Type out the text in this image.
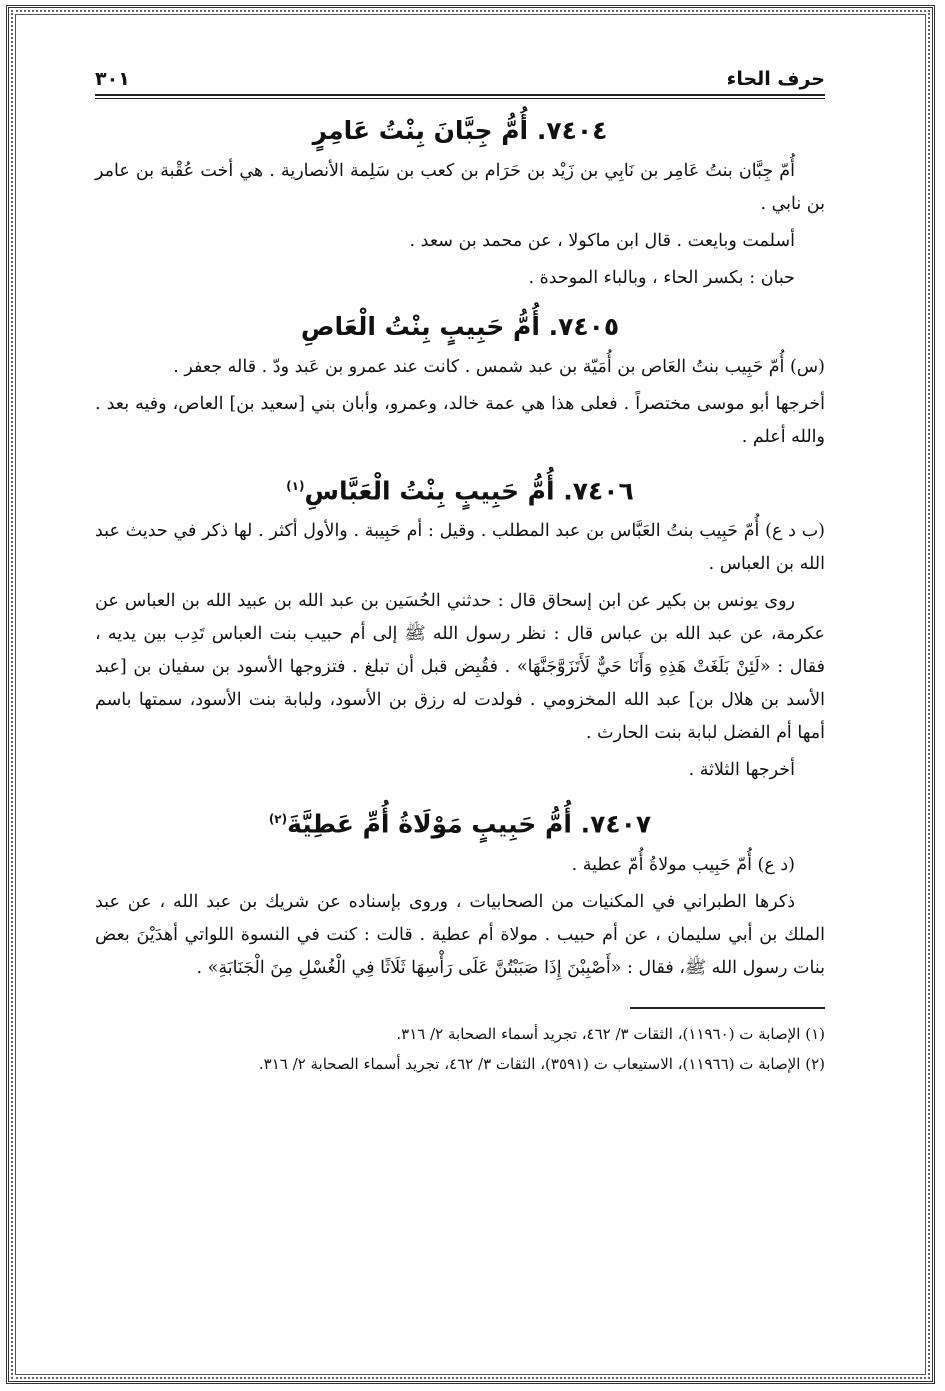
حرف الحاء
٣٠١
٧٤٠٤. أُمُّ جِبَّانَ بِنْتُ عَامِرٍ

أُمّ جِبَّان بنتُ عَامِر بن نَابِي بن زَيْد بن حَرَام بن كعب بن سَلِمة الأنصارية . هي أخت عُقْبة بن عامر بن نابي .

أسلمت وبايعت . قال ابن ماكولا ، عن محمد بن سعد .

حبان : بكسر الحاء ، وبالباء الموحدة .

٧٤٠٥. أُمُّ حَبِيبٍ بِنْتُ الْعَاصِ

(س) أُمّ حَبِيب بنتُ العَاص بن أُمَيّة بن عبد شمس . كانت عند عمرو بن عَبد ودّ . قاله جعفر .

أخرجها أبو موسى مختصراً . فعلى هذا هي عمة خالد، وعمرو، وأبان بني [سعيد بن] العاص، وفيه بعد . والله أعلم .

٧٤٠٦. أُمُّ حَبِيبٍ بِنْتُ الْعَبَّاسِ$^{(١)}$

(ب د ع) أُمّ حَبِيب بنتُ العَبَّاس بن عبد المطلب . وقيل : أم حَبِيبة . والأول أكثر . لها ذكر في حديث عبد الله بن العباس .

روى يونس بن بكير عن ابن إسحاق قال : حدثني الحُسَين بن عبد الله بن عبيد الله بن العباس عن عكرمة، عن عبد الله بن عباس قال : نظر رسول الله ﷺ إلى أم حبيب بنت العباس تَدِب بين يديه ، فقال : «لَئِنْ بَلَغَتْ هَذِهِ وَأَنَا حَيٌّ لَأَتَزَوَّجَنَّهَا» . فقُبِض قبل أن تبلغ . فتزوجها الأسود بن سفيان بن [عبد الأسد بن هلال بن] عبد الله المخزومي . فولدت له رزق بن الأسود، ولبابة بنت الأسود، سمتها باسم أمها أم الفضل لبابة بنت الحارث .

أخرجها الثلاثة .

٧٤٠٧. أُمُّ حَبِيبٍ مَوْلَاةُ أُمِّ عَطِيَّةَ$^{(٢)}$

(د ع) أُمّ حَبِيب مولاةُ أُمّ عطية .

ذكرها الطبراني في المكنيات من الصحابيات ، وروى بإسناده عن شريك بن عبد الله ، عن عبد الملك بن أبي سليمان ، عن أم حبيب . مولاة أم عطية . قالت : كنت في النسوة اللواتي أهدَيْنَ بعض بنات رسول الله ﷺ، فقال : «أَصْبِبْنَ إِذَا صَبَبْتُنَّ عَلَى رَأْسِهَا ثَلَاثًا فِي الْغُسْلِ مِنَ الْجَنَابَةِ» .

(١) الإصابة ت (١١٩٦٠)، الثقات ٣/ ٤٦٢، تجريد أسماء الصحابة ٢/ ٣١٦.

(٢) الإصابة ت (١١٩٦٦)، الاستيعاب ت (٣٥٩١)، الثقات ٣/ ٤٦٢، تجريد أسماء الصحابة ٢/ ٣١٦.
